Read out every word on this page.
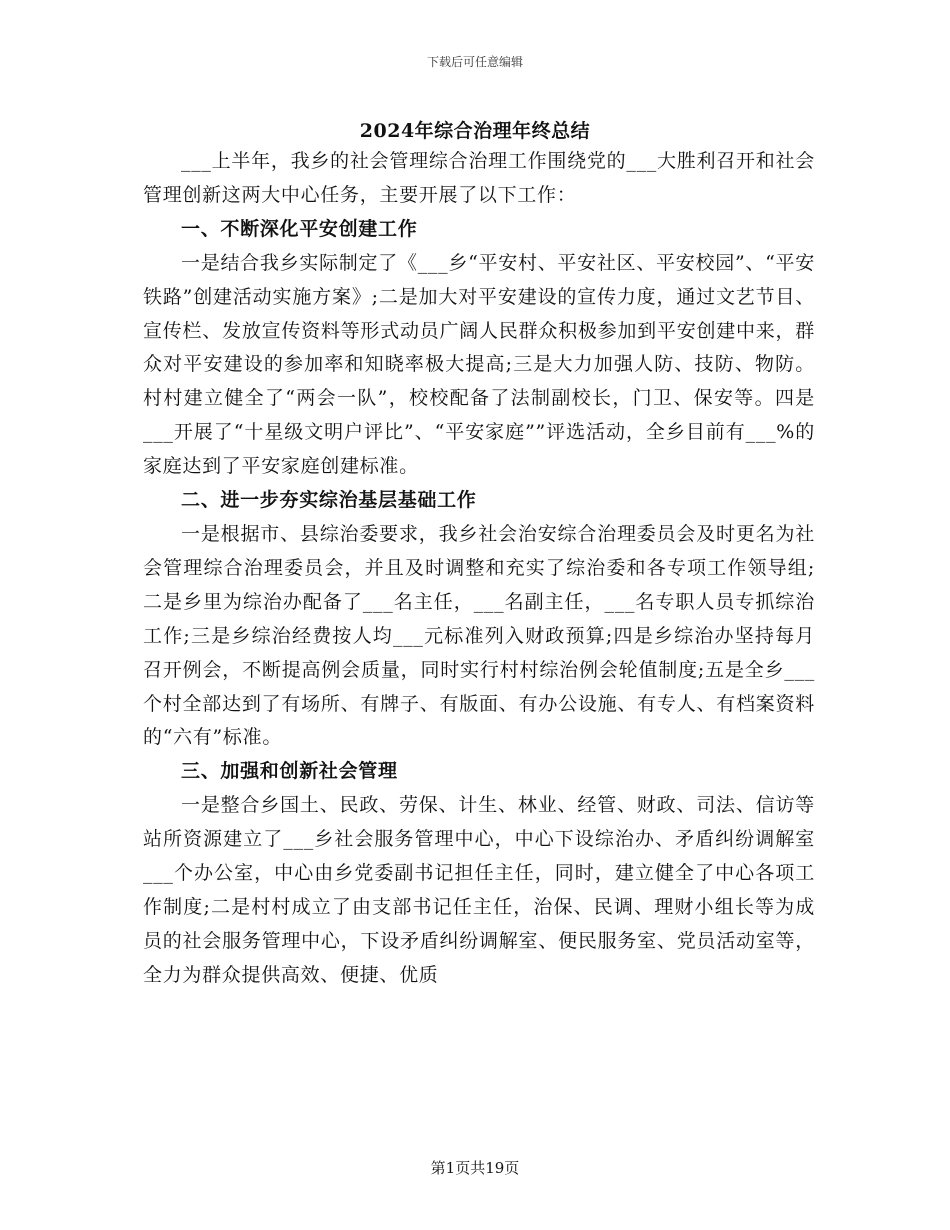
下载后可任意编辑
2024年综合治理年终总结

___上半年，我乡的社会管理综合治理工作围绕党的___大胜利召开和社会管理创新这两大中心任务，主要开展了以下工作：

一、不断深化平安创建工作

一是结合我乡实际制定了《___乡“平安村、平安社区、平安校园”、“平安铁路”创建活动实施方案》;二是加大对平安建设的宣传力度，通过文艺节目、宣传栏、发放宣传资料等形式动员广阔人民群众积极参加到平安创建中来，群众对平安建设的参加率和知晓率极大提高;三是大力加强人防、技防、物防。村村建立健全了“两会一队”，校校配备了法制副校长，门卫、保安等。四是___开展了“十星级文明户评比”、“平安家庭””评选活动，全乡目前有___%的家庭达到了平安家庭创建标准。

二、进一步夯实综治基层基础工作

一是根据市、县综治委要求，我乡社会治安综合治理委员会及时更名为社会管理综合治理委员会，并且及时调整和充实了综治委和各专项工作领导组;二是乡里为综治办配备了___名主任，___名副主任，___名专职人员专抓综治工作;三是乡综治经费按人均___元标准列入财政预算;四是乡综治办坚持每月召开例会，不断提高例会质量，同时实行村村综治例会轮值制度;五是全乡___个村全部达到了有场所、有牌子、有版面、有办公设施、有专人、有档案资料的“六有”标准。

三、加强和创新社会管理

一是整合乡国土、民政、劳保、计生、林业、经管、财政、司法、信访等站所资源建立了___乡社会服务管理中心，中心下设综治办、矛盾纠纷调解室___个办公室，中心由乡党委副书记担任主任，同时，建立健全了中心各项工作制度;二是村村成立了由支部书记任主任，治保、民调、理财小组长等为成员的社会服务管理中心，下设矛盾纠纷调解室、便民服务室、党员活动室等，全力为群众提供高效、便捷、优质

第1页共19页
